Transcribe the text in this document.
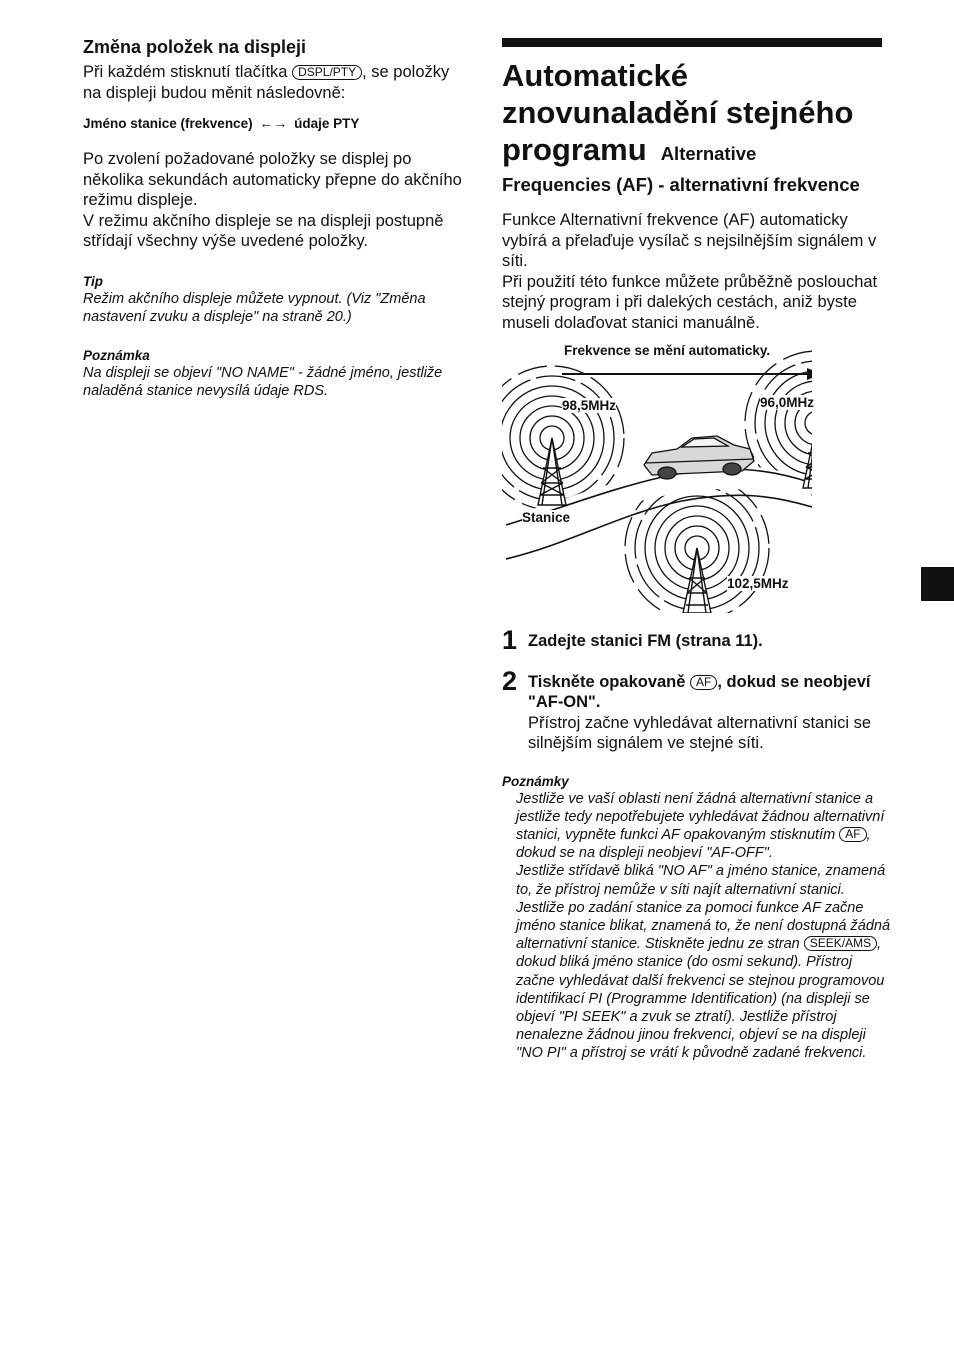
Změna položek na displeji

Při každém stisknutí tlačítka DSPL/PTY , se položky na displeji budou měnit následovně:

Jméno stanice (frekvence) ←→ údaje PTY

Po zvolení požadované položky se displej po několika sekundách automaticky přepne do akčního režimu displeje.

V režimu akčního displeje se na displeji postupně střídají všechny výše uvedené položky.

Tip

Režim akčního displeje můžete vypnout. (Viz "Změna nastavení zvuku a displeje" na straně 20.)

Poznámka

Na displeji se objeví "NO NAME" - žádné jméno, jestliže naladěná stanice nevysílá údaje RDS.

Automatické

znovunaladění stejného

programu Alternative

Frequencies (AF) - alternativní frekvence

Funkce Alternativní frekvence (AF) automaticky vybírá a přelaďuje vysílač s nejsilnějším signálem v síti.

Při použití této funkce můžete průběžně poslouchat stejný program i při dalekých cestách, aniž byste museli dolaďovat stanici manuálně.

Frekvence se mění automaticky.
98,5MHz	96,0MHz
Stanice
102,5MHz
1 Zadejte stanici FM (strana 11).

2 Tiskněte opakovaně AF , dokud se neobjeví "AF-ON".

Přístroj začne vyhledávat alternativní stanici se silnějším signálem ve stejné síti.

Poznámky

Jestliže ve vaší oblasti není žádná alternativní stanice a jestliže tedy nepotřebujete vyhledávat žádnou alternativní stanici, vypněte funkci AF opakovaným stisknutím AF , dokud se na displeji neobjeví "AF-OFF".

Jestliže střídavě bliká "NO AF" a jméno stanice, znamená to, že přístroj nemůže v síti najít alternativní stanici.

Jestliže po zadání stanice za pomoci funkce AF začne jméno stanice blikat, znamená to, že není dostupná žádná alternativní stanice. Stiskněte jednu ze stran SEEK/AMS , dokud bliká jméno stanice (do osmi sekund). Přístroj začne vyhledávat další frekvenci se stejnou programovou identifikací PI (Programme Identification) (na displeji se objeví "PI SEEK" a zvuk se ztratí). Jestliže přístroj nenalezne žádnou jinou frekvenci, objeví se na displeji "NO PI" a přístroj se vrátí k původně zadané frekvenci.
